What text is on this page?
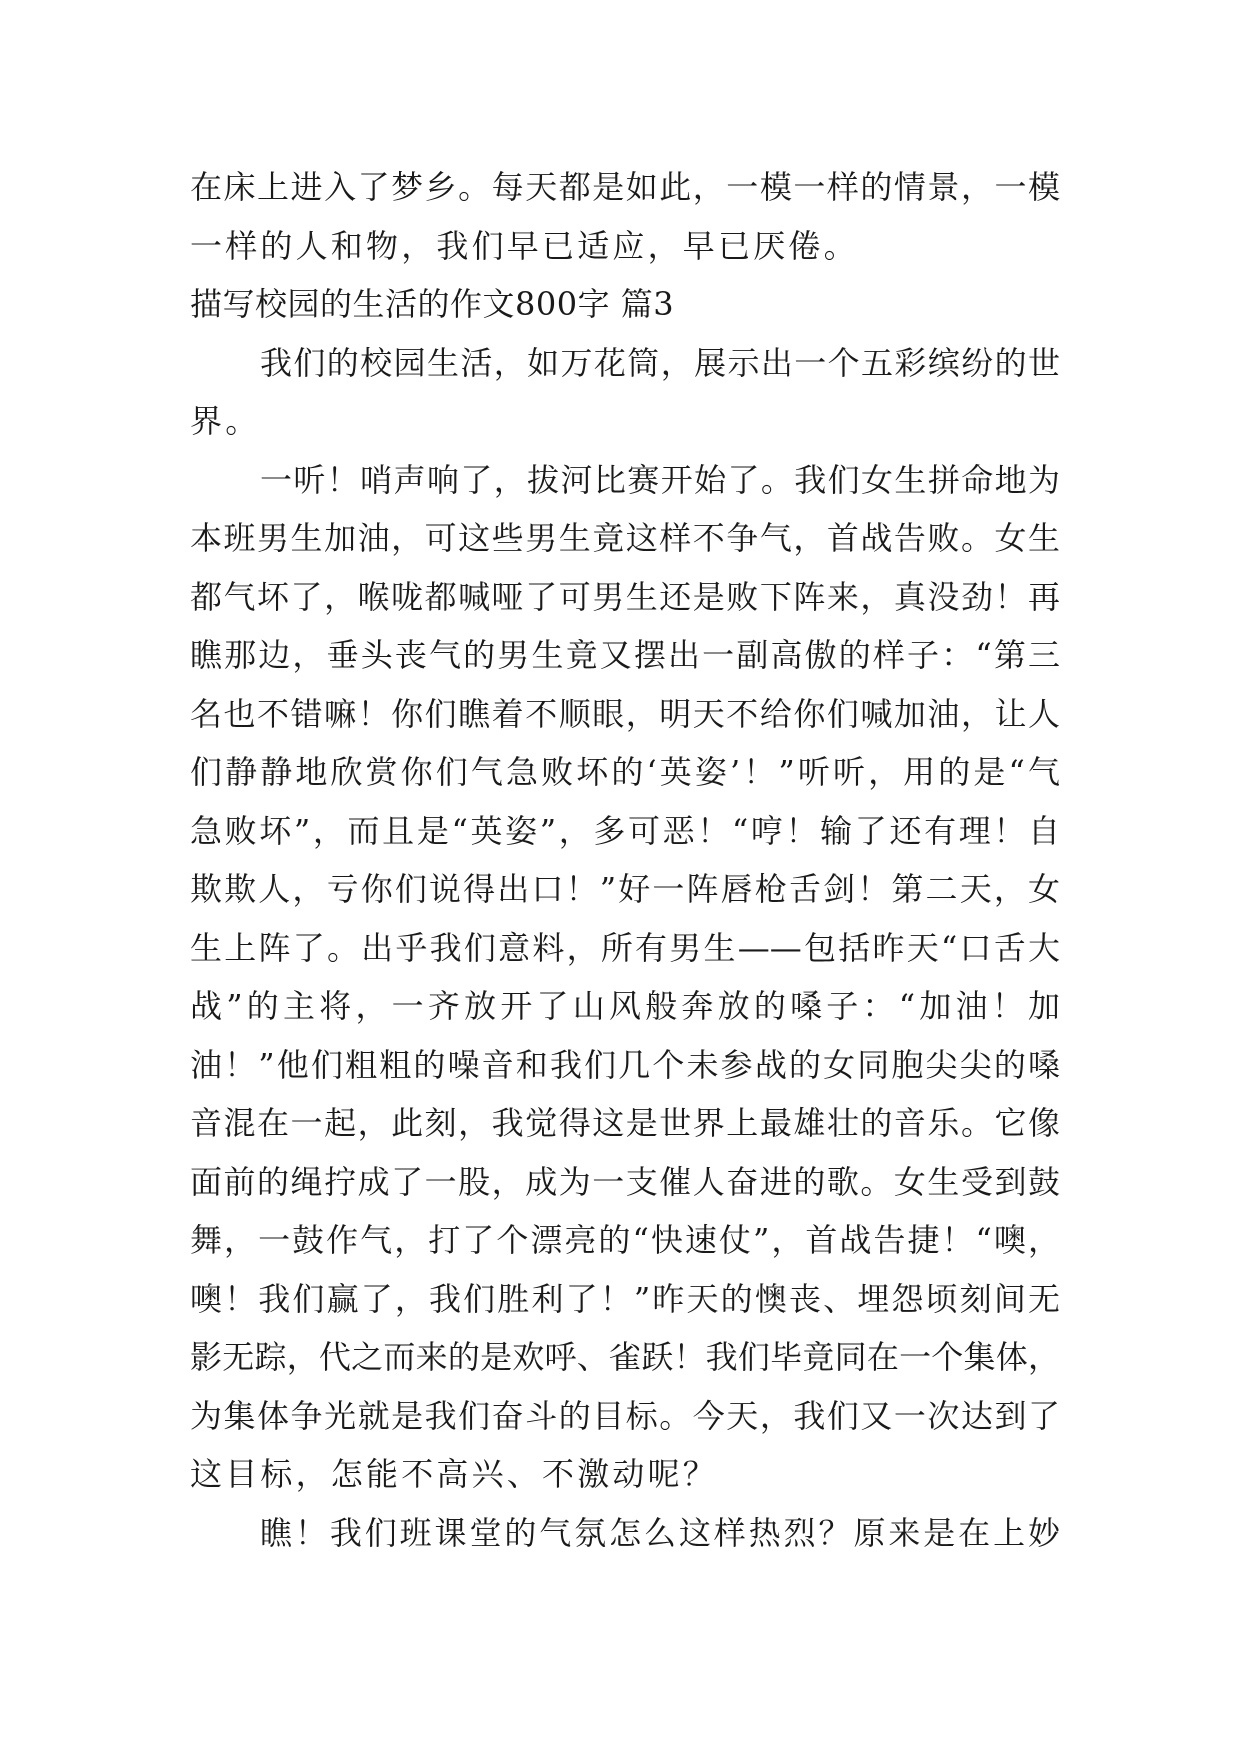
在床上进入了梦乡。每天都是如此，一模一样的情景，一模
一样的人和物，我们早已适应，早已厌倦。
描写校园的生活的作文800字 篇3
我们的校园生活，如万花筒，展示出一个五彩缤纷的世
界。
一听！哨声响了，拔河比赛开始了。我们女生拼命地为
本班男生加油，可这些男生竟这样不争气，首战告败。女生
都气坏了，喉咙都喊哑了可男生还是败下阵来，真没劲！再
瞧那边，垂头丧气的男生竟又摆出一副高傲的样子：“第三
名也不错嘛！你们瞧着不顺眼，明天不给你们喊加油，让人
们静静地欣赏你们气急败坏的‘英姿’！”听听，用的是“气
急败坏”，而且是“英姿”，多可恶！“哼！输了还有理！自
欺欺人，亏你们说得出口！”好一阵唇枪舌剑！第二天，女
生上阵了。出乎我们意料，所有男生——包括昨天“口舌大
战”的主将，一齐放开了山风般奔放的嗓子：“加油！加
油！”他们粗粗的噪音和我们几个未参战的女同胞尖尖的嗓
音混在一起，此刻，我觉得这是世界上最雄壮的音乐。它像
面前的绳拧成了一股，成为一支催人奋进的歌。女生受到鼓
舞，一鼓作气，打了个漂亮的“快速仗”，首战告捷！“噢，
噢！我们赢了，我们胜利了！”昨天的懊丧、埋怨顷刻间无
影无踪，代之而来的是欢呼、雀跃！我们毕竟同在一个集体，
为集体争光就是我们奋斗的目标。今天，我们又一次达到了
这目标，怎能不高兴、不激动呢？
瞧！我们班课堂的气氛怎么这样热烈？原来是在上妙
